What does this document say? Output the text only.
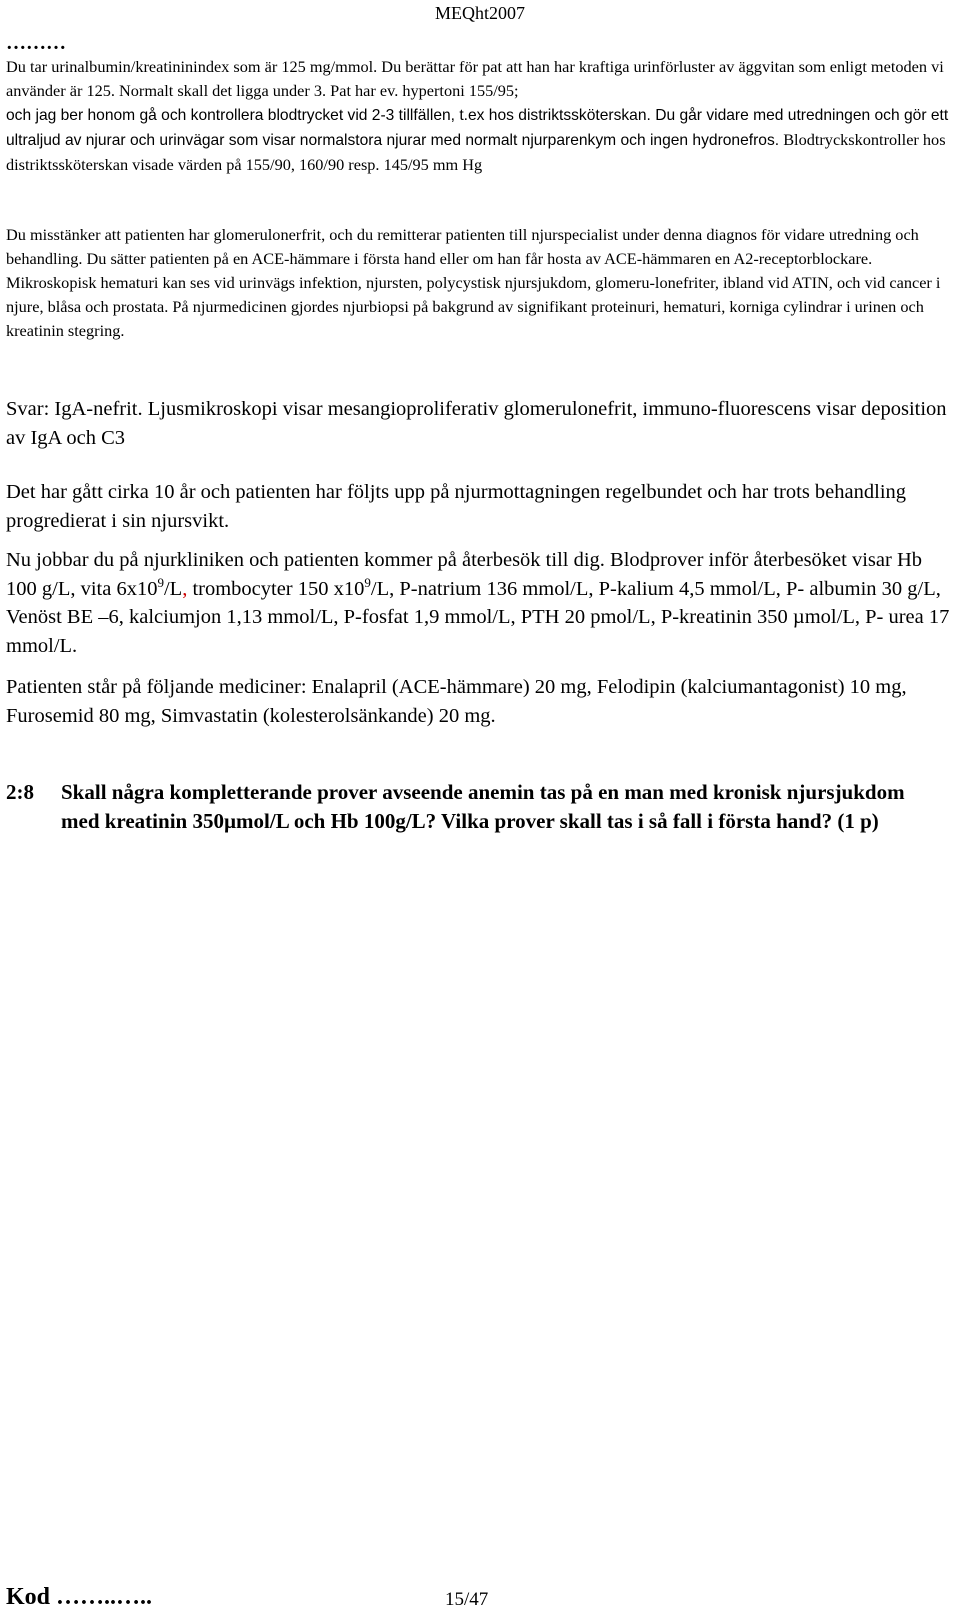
MEQht2007
………

Du tar urinalbumin/kreatininindex som är 125 mg/mmol. Du berättar för pat att han har kraftiga urinförluster av äggvitan som enligt metoden vi använder är 125. Normalt skall det ligga under 3. Pat har ev. hypertoni 155/95;
och jag ber honom gå och kontrollera blodtrycket vid 2-3 tillfällen, t.ex hos distriktssköterskan. Du går vidare med utredningen och gör ett ultraljud av njurar och urinvägar som visar normalstora njurar med normalt njurparenkym och ingen hydronefros. Blodtryckskontroller hos distriktssköterskan visade värden på 155/90, 160/90 resp. 145/95 mm Hg

Du misstänker att patienten har glomerulonerfrit, och du remitterar patienten till njurspecialist under denna diagnos för vidare utredning och behandling. Du sätter patienten på en ACE-hämmare i första hand eller om han får hosta av ACE-hämmaren en A2-receptorblockare. Mikroskopisk hematuri kan ses vid urinvägs infektion, njursten, polycystisk njursjukdom, glomeru-lonefriter, ibland vid ATIN, och vid cancer i njure, blåsa och prostata. På njurmedicinen gjordes njurbiopsi på bakgrund av signifikant proteinuri, hematuri, korniga cylindrar i urinen och kreatinin stegring.

Svar: IgA-nefrit. Ljusmikroskopi visar mesangioproliferativ glomerulonefrit, immuno-fluorescens visar deposition av IgA och C3

Det har gått cirka 10 år och patienten har följts upp på njurmottagningen regelbundet och har trots behandling progredierat i sin njursvikt.

Nu jobbar du på njurkliniken och patienten kommer på återbesök till dig. Blodprover inför återbesöket visar Hb 100 g/L, vita $6x10^9/L$, trombocyter 150 $x10^9/L$, P-natrium 136 mmol/L, P-kalium 4,5 mmol/L, P- albumin 30 g/L, Venöst BE –6, kalciumjon 1,13 mmol/L, P-fosfat 1,9 mmol/L, PTH 20 pmol/L, P-kreatinin 350 µmol/L, P- urea 17 mmol/L.

Patienten står på följande mediciner: Enalapril (ACE-hämmare) 20 mg, Felodipin (kalciumantagonist) 10 mg, Furosemid 80 mg, Simvastatin (kolesterolsänkande) 20 mg.

2:8	Skall några kompletterande prover avseende anemin tas på en man med kronisk njursjukdom med kreatinin 350µmol/L och Hb 100g/L? Vilka prover skall tas i så fall i första hand? (1 p)
Kod ……..…..	15/47
